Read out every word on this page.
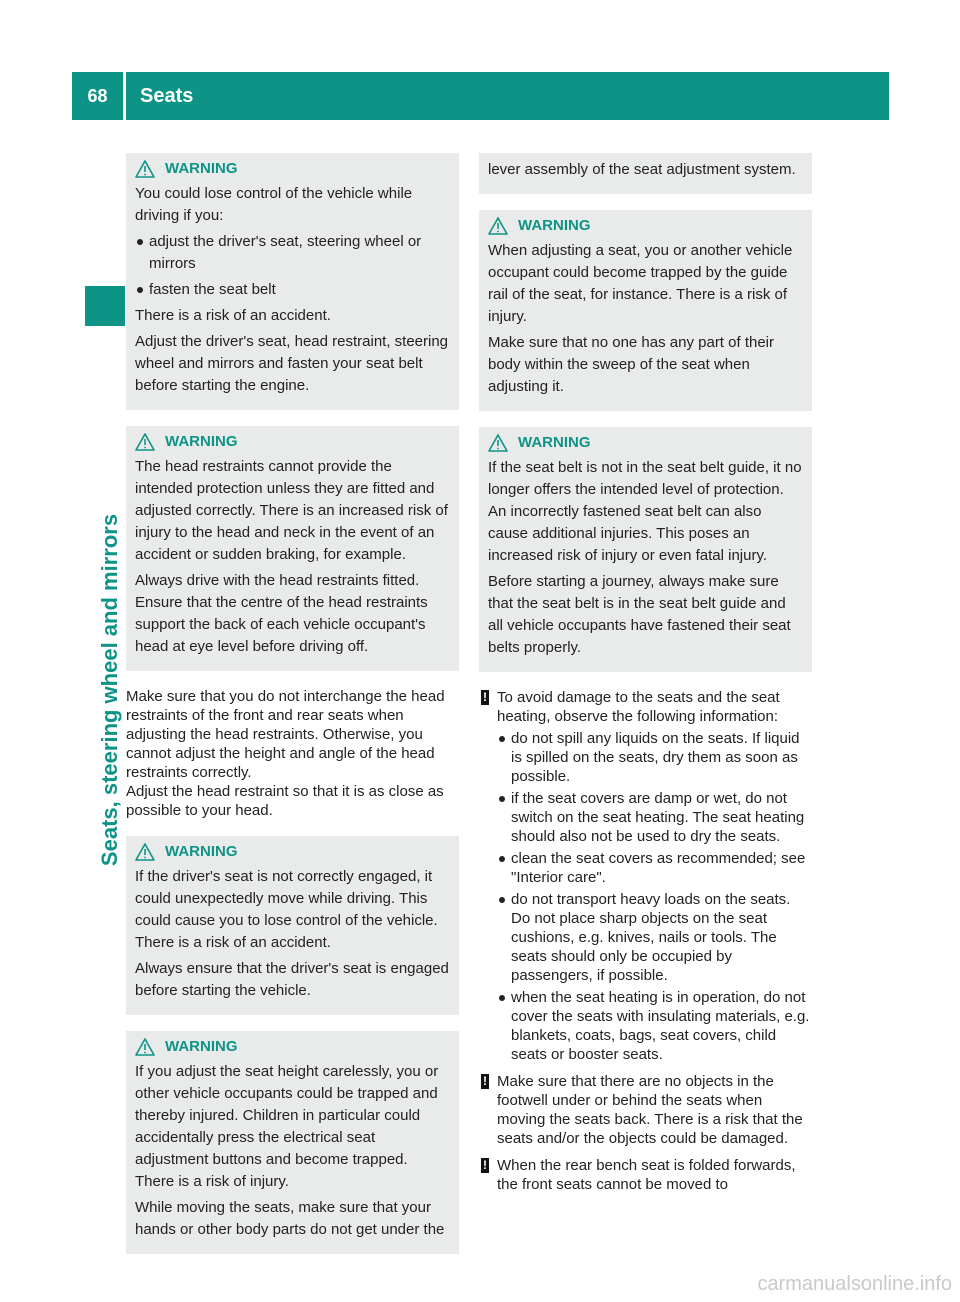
68	Seats
Seats, steering wheel and mirrors
WARNING

You could lose control of the vehicle while driving if you:

adjust the driver's seat, steering wheel or mirrors
fasten the seat belt

There is a risk of an accident.

Adjust the driver's seat, head restraint, steering wheel and mirrors and fasten your seat belt before starting the engine.

WARNING

The head restraints cannot provide the intended protection unless they are fitted and adjusted correctly. There is an increased risk of injury to the head and neck in the event of an accident or sudden braking, for example.

Always drive with the head restraints fitted. Ensure that the centre of the head restraints support the back of each vehicle occupant's head at eye level before driving off.

Make sure that you do not interchange the head restraints of the front and rear seats when adjusting the head restraints. Otherwise, you cannot adjust the height and angle of the head restraints correctly.

Adjust the head restraint so that it is as close as possible to your head.

WARNING

If the driver's seat is not correctly engaged, it could unexpectedly move while driving. This could cause you to lose control of the vehicle. There is a risk of an accident.

Always ensure that the driver's seat is engaged before starting the vehicle.

WARNING

If you adjust the seat height carelessly, you or other vehicle occupants could be trapped and thereby injured. Children in particular could accidentally press the electrical seat adjustment buttons and become trapped. There is a risk of injury.

While moving the seats, make sure that your hands or other body parts do not get under the

lever assembly of the seat adjustment system.

WARNING

When adjusting a seat, you or another vehicle occupant could become trapped by the guide rail of the seat, for instance. There is a risk of injury.

Make sure that no one has any part of their body within the sweep of the seat when adjusting it.

WARNING

If the seat belt is not in the seat belt guide, it no longer offers the intended level of protection. An incorrectly fastened seat belt can also cause additional injuries. This poses an increased risk of injury or even fatal injury.

Before starting a journey, always make sure that the seat belt is in the seat belt guide and all vehicle occupants have fastened their seat belts properly.

! To avoid damage to the seats and the seat heating, observe the following information:
do not spill any liquids on the seats. If liquid is spilled on the seats, dry them as soon as possible.
if the seat covers are damp or wet, do not switch on the seat heating. The seat heating should also not be used to dry the seats.
clean the seat covers as recommended; see "Interior care".
do not transport heavy loads on the seats. Do not place sharp objects on the seat cushions, e.g. knives, nails or tools. The seats should only be occupied by passengers, if possible.
when the seat heating is in operation, do not cover the seats with insulating materials, e.g. blankets, coats, bags, seat covers, child seats or booster seats.
! Make sure that there are no objects in the footwell under or behind the seats when moving the seats back. There is a risk that the seats and/or the objects could be damaged.
! When the rear bench seat is folded forwards, the front seats cannot be moved to
carmanualsonline.info
